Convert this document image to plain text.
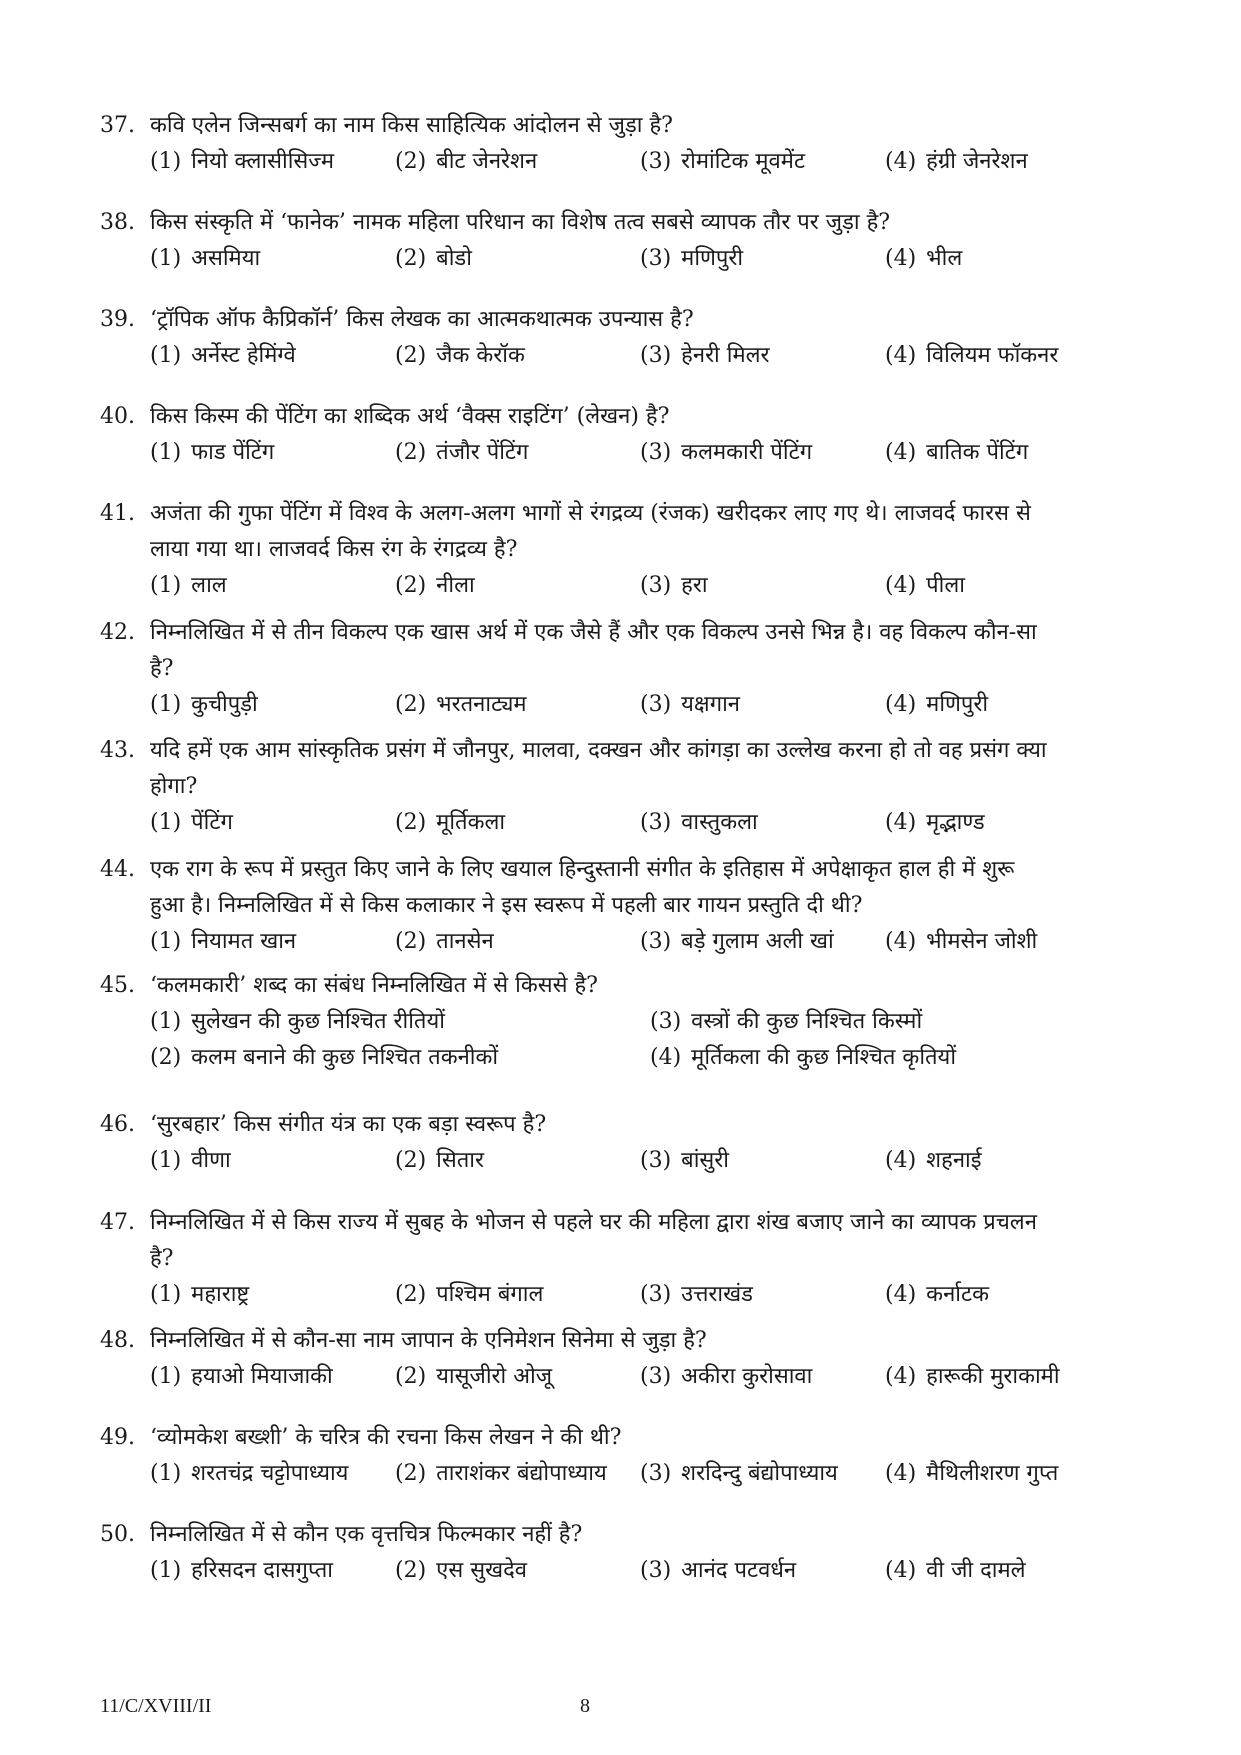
37. कवि एलेन जिन्सबर्ग का नाम किस साहित्यिक आंदोलन से जुड़ा है?
(1) नियो क्लासीसिज्म	(2) बीट जेनरेशन	(3) रोमांटिक मूवमेंट	(4) हंग्री जेनरेशन
38. किस संस्कृति में ‘फानेक’ नामक महिला परिधान का विशेष तत्व सबसे व्यापक तौर पर जुड़ा है?
(1) असमिया	(2) बोडो	(3) मणिपुरी	(4) भील
39. ‘ट्रॉपिक ऑफ कैप्रिकॉर्न’ किस लेखक का आत्मकथात्मक उपन्यास है?
(1) अर्नेस्ट हेमिंग्वे	(2) जैक केरॉक	(3) हेनरी मिलर	(4) विलियम फॉकनर
40. किस किस्म की पेंटिंग का शब्दिक अर्थ ‘वैक्स राइटिंग’ (लेखन) है?
(1) फाड पेंटिंग	(2) तंजौर पेंटिंग	(3) कलमकारी पेंटिंग	(4) बातिक पेंटिंग
41. अजंता की गुफा पेंटिंग में विश्व के अलग-अलग भागों से रंगद्रव्य (रंजक) खरीदकर लाए गए थे। लाजवर्द फारस से
लाया गया था। लाजवर्द किस रंग के रंगद्रव्य है?
(1) लाल	(2) नीला	(3) हरा	(4) पीला
42. निम्नलिखित में से तीन विकल्प एक खास अर्थ में एक जैसे हैं और एक विकल्प उनसे भिन्न है। वह विकल्प कौन-सा
है?
(1) कुचीपुड़ी	(2) भरतनाट्यम	(3) यक्षगान	(4) मणिपुरी
43. यदि हमें एक आम सांस्कृतिक प्रसंग में जौनपुर, मालवा, दक्खन और कांगड़ा का उल्लेख करना हो तो वह प्रसंग क्या
होगा?
(1) पेंटिंग	(2) मूर्तिकला	(3) वास्तुकला	(4) मृद्भाण्ड
44. एक राग के रूप में प्रस्तुत किए जाने के लिए खयाल हिन्दुस्तानी संगीत के इतिहास में अपेक्षाकृत हाल ही में शुरू
हुआ है। निम्नलिखित में से किस कलाकार ने इस स्वरूप में पहली बार गायन प्रस्तुति दी थी?
(1) नियामत खान	(2) तानसेन	(3) बड़े गुलाम अली खां	(4) भीमसेन जोशी
45. ‘कलमकारी’ शब्द का संबंध निम्नलिखित में से किससे है?
(1) सुलेखन की कुछ निश्चित रीतियों	(3) वस्त्रों की कुछ निश्चित किस्मों
(2) कलम बनाने की कुछ निश्चित तकनीकों	(4) मूर्तिकला की कुछ निश्चित कृतियों
46. ‘सुरबहार’ किस संगीत यंत्र का एक बड़ा स्वरूप है?
(1) वीणा	(2) सितार	(3) बांसुरी	(4) शहनाई
47. निम्नलिखित में से किस राज्य में सुबह के भोजन से पहले घर की महिला द्वारा शंख बजाए जाने का व्यापक प्रचलन
है?
(1) महाराष्ट्र	(2) पश्चिम बंगाल	(3) उत्तराखंड	(4) कर्नाटक
48. निम्नलिखित में से कौन-सा नाम जापान के एनिमेशन सिनेमा से जुड़ा है?
(1) हयाओ मियाजाकी	(2) यासूजीरो ओजू	(3) अकीरा कुरोसावा	(4) हारूकी मुराकामी
49. ‘व्योमकेश बख्शी’ के चरित्र की रचना किस लेखन ने की थी?
(1) शरतचंद्र चट्टोपाध्याय	(2) ताराशंकर बंद्योपाध्याय	(3) शरदिन्दु बंद्योपाध्याय	(4) मैथिलीशरण गुप्त
50. निम्नलिखित में से कौन एक वृत्तचित्र फिल्मकार नहीं है?
(1) हरिसदन दासगुप्ता	(2) एस सुखदेव	(3) आनंद पटवर्धन	(4) वी जी दामले
11/C/XVIII/II	8
